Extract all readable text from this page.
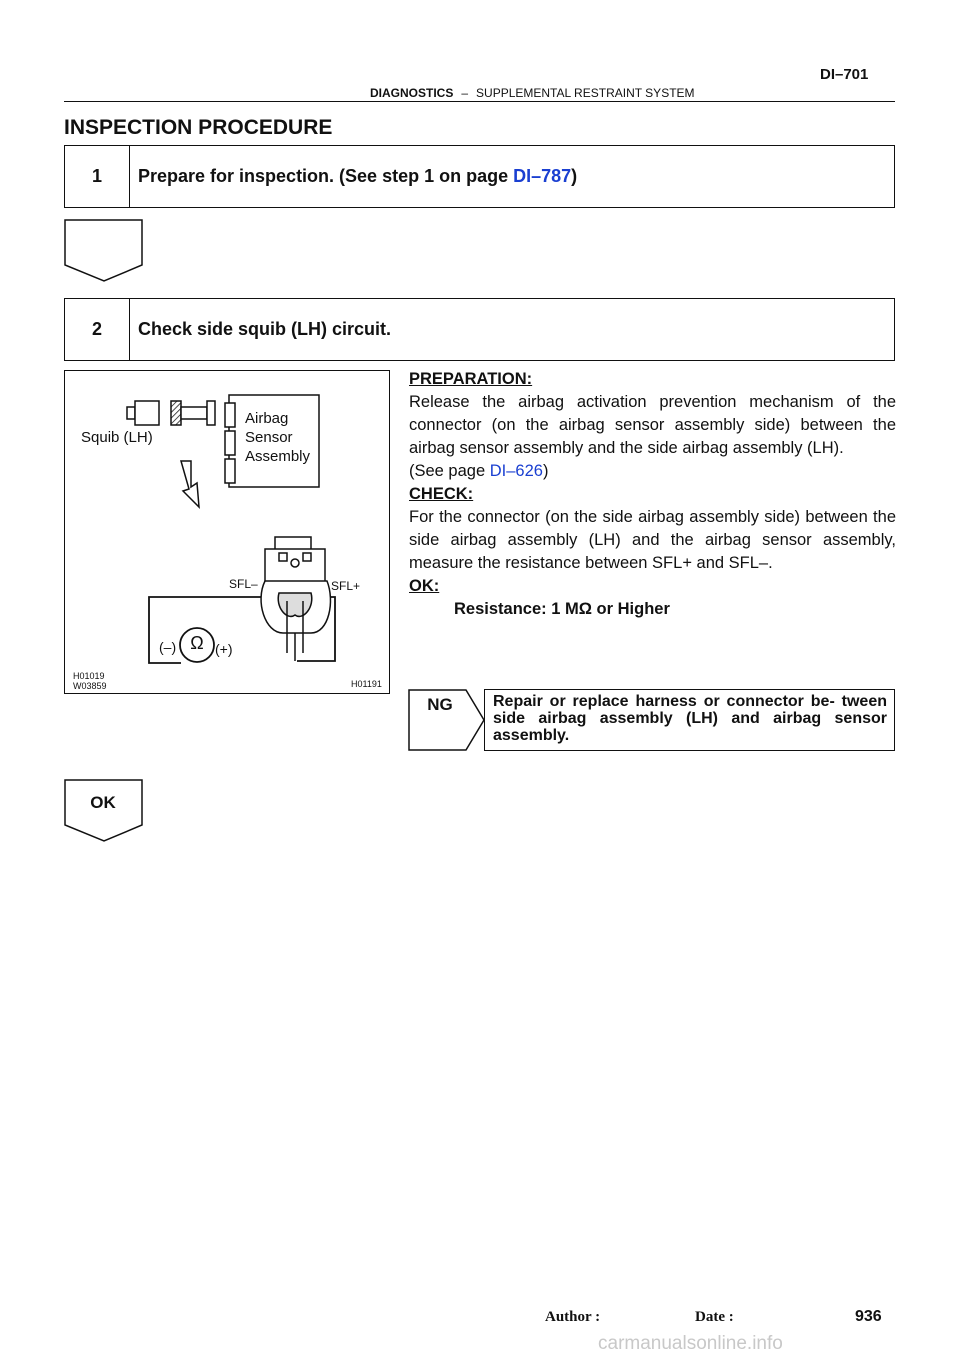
DI–701
DIAGNOSTICS – SUPPLEMENTAL RESTRAINT SYSTEM
INSPECTION PROCEDURE
1	Prepare for inspection. (See step 1 on page DI–787)
2	Check side squib (LH) circuit.
Squib (LH)
Airbag
Sensor
Assembly
SFL–	SFL+
(–)	(+)
Ω
H01019
W03859	H01191

PREPARATION:

Release the airbag activation prevention mechanism of the connector (on the airbag sensor assembly side) between the airbag sensor assembly and the side airbag assembly (LH).

(See page DI–626)

CHECK:

For the connector (on the side airbag assembly side) between the side airbag assembly (LH) and the airbag sensor assembly, measure the resistance between SFL+ and SFL–.

OK:

Resistance: 1 MΩ or Higher

NG	Repair or replace harness or connector be- tween side airbag assembly (LH) and airbag sensor assembly.
OK
Author :	Date :	936
carmanualsonline.info
